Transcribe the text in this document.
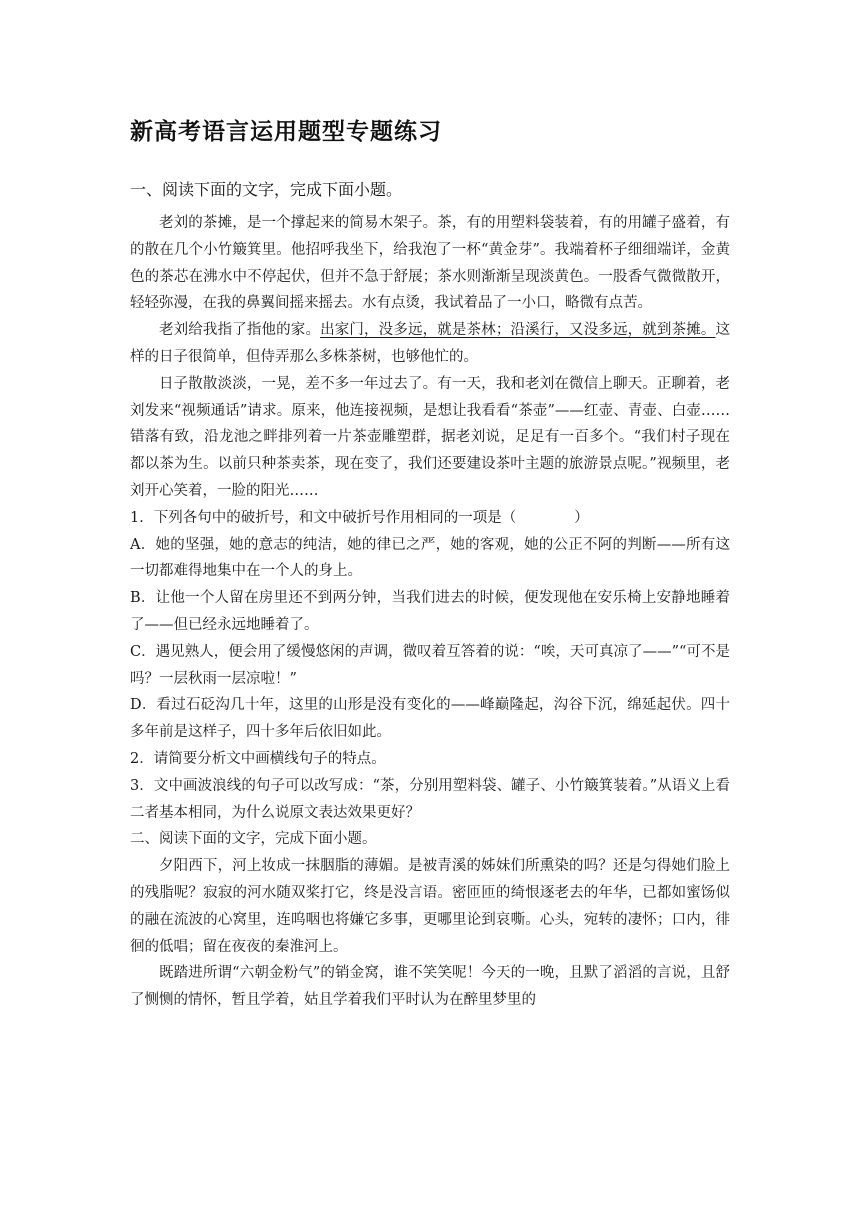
新高考语言运用题型专题练习
一、阅读下面的文字，完成下面小题。

老刘的茶摊，是一个撑起来的简易木架子。茶，有的用塑料袋装着，有的用罐子盛着，有的散在几个小竹簸箕里。他招呼我坐下，给我泡了一杯“黄金芽”。我端着杯子细细端详，金黄色的茶芯在沸水中不停起伏，但并不急于舒展；茶水则渐渐呈现淡黄色。一股香气微微散开，轻轻弥漫，在我的鼻翼间摇来摇去。水有点烫，我试着品了一小口，略微有点苦。

老刘给我指了指他的家。出家门，没多远，就是茶林；沿溪行，又没多远，就到茶摊。这样的日子很简单，但侍弄那么多株茶树，也够他忙的。

日子散散淡淡，一晃，差不多一年过去了。有一天，我和老刘在微信上聊天。正聊着，老刘发来“视频通话”请求。原来，他连接视频，是想让我看看“茶壶”——红壶、青壶、白壶……错落有致，沿龙池之畔排列着一片茶壶雕塑群，据老刘说，足足有一百多个。“我们村子现在都以茶为生。以前只种茶卖茶，现在变了，我们还要建设茶叶主题的旅游景点呢。”视频里，老刘开心笑着，一脸的阳光……

1．下列各句中的破折号，和文中破折号作用相同的一项是（　　　　）

A．她的坚强，她的意志的纯洁，她的律已之严，她的客观，她的公正不阿的判断——所有这一切都难得地集中在一个人的身上。

B．让他一个人留在房里还不到两分钟，当我们进去的时候，便发现他在安乐椅上安静地睡着了——但已经永远地睡着了。

C．遇见熟人，便会用了缓慢悠闲的声调，微叹着互答着的说：“唉，天可真凉了——”“可不是吗？一层秋雨一层凉啦！”

D．看过石砭沟几十年，这里的山形是没有变化的——峰巅隆起，沟谷下沉，绵延起伏。四十多年前是这样子，四十多年后依旧如此。

2．请简要分析文中画横线句子的特点。

3．文中画波浪线的句子可以改写成：“茶，分别用塑料袋、罐子、小竹簸箕装着。”从语义上看二者基本相同，为什么说原文表达效果更好？

二、阅读下面的文字，完成下面小题。

夕阳西下，河上妆成一抹胭脂的薄媚。是被青溪的姊妹们所熏染的吗？还是匀得她们脸上的残脂呢？寂寂的河水随双桨打它，终是没言语。密匝匝的绮恨逐老去的年华，已都如蜜饧似的融在流波的心窝里，连呜咽也将嫌它多事，更哪里论到哀嘶。心头，宛转的凄怀；口内，徘徊的低唱；留在夜夜的秦淮河上。

既踏进所谓“六朝金粉气”的销金窝，谁不笑笑呢！今天的一晚，且默了滔滔的言说，且舒了恻恻的情怀，暂且学着，姑且学着我们平时认为在醉里梦里的
